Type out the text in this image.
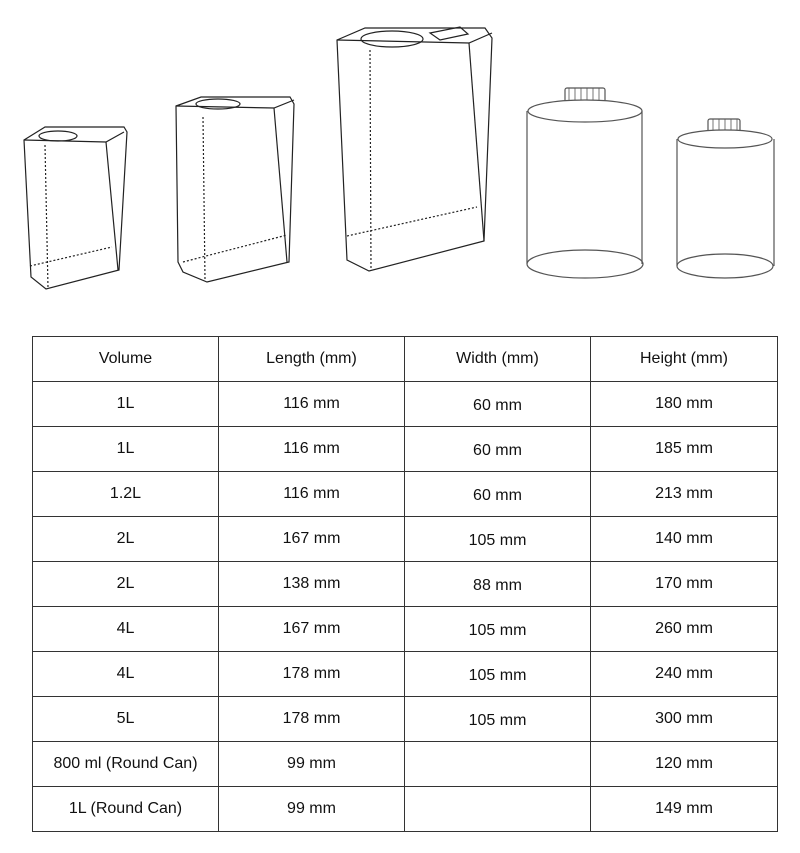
Volume	Length (mm)	Width (mm)	Height (mm)
1L	116 mm	60 mm	180 mm
1L	116 mm	60 mm	185 mm
1.2L	116 mm	60 mm	213 mm
2L	167 mm	105 mm	140 mm
2L	138 mm	88 mm	170 mm
4L	167 mm	105 mm	260 mm
4L	178 mm	105 mm	240 mm
5L	178 mm	105 mm	300 mm
800 ml (Round Can)	99 mm		120 mm
1L (Round Can)	99 mm		149 mm
